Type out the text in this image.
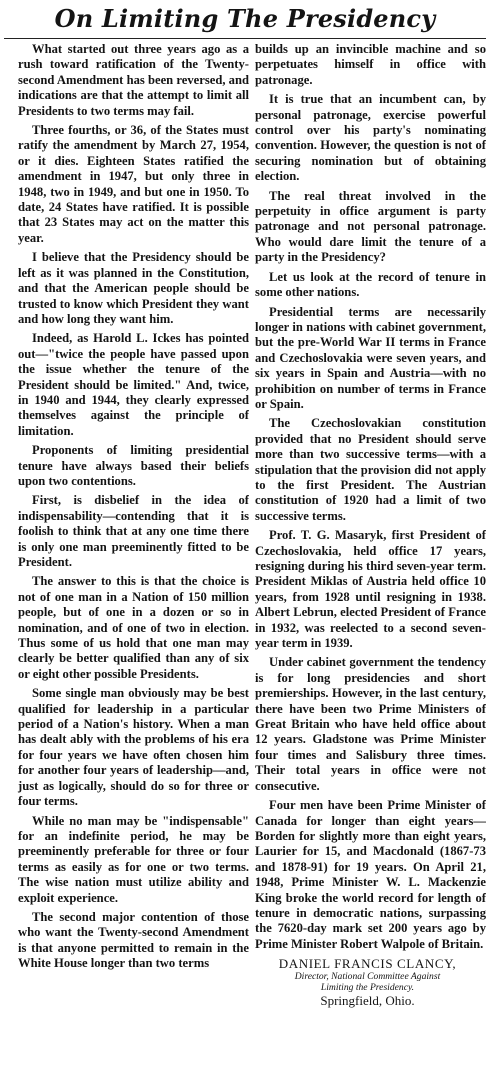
On Limiting The Presidency

What started out three years ago as a rush toward ratification of the Twenty-second Amendment has been reversed, and indications are that the attempt to limit all Presidents to two terms may fail.

Three fourths, or 36, of the States must ratify the amendment by March 27, 1954, or it dies. Eighteen States ratified the amendment in 1947, but only three in 1948, two in 1949, and but one in 1950. To date, 24 States have ratified. It is possible that 23 States may act on the matter this year.

I believe that the Presidency should be left as it was planned in the Constitution, and that the American people should be trusted to know which President they want and how long they want him.

Indeed, as Harold L. Ickes has pointed out—"twice the people have passed upon the issue whether the tenure of the President should be limited." And, twice, in 1940 and 1944, they clearly expressed themselves against the principle of limitation.

Proponents of limiting presidential tenure have always based their beliefs upon two contentions.

First, is disbelief in the idea of indispensability—contending that it is foolish to think that at any one time there is only one man preeminently fitted to be President.

The answer to this is that the choice is not of one man in a Nation of 150 million people, but of one in a dozen or so in nomination, and of one of two in election. Thus some of us hold that one man may clearly be better qualified than any of six or eight other possible Presidents.

Some single man obviously may be best qualified for leadership in a particular period of a Nation's history. When a man has dealt ably with the problems of his era for four years we have often chosen him for another four years of leadership—and, just as logically, should do so for three or four terms.

While no man may be "indispensable" for an indefinite period, he may be preeminently preferable for three or four terms as easily as for one or two terms. The wise nation must utilize ability and exploit experience.

The second major contention of those who want the Twenty-second Amendment is that anyone permitted to remain in the White House longer than two terms

builds up an invincible machine and so perpetuates himself in office with patronage.

It is true that an incumbent can, by personal patronage, exercise powerful control over his party's nominating convention. However, the question is not of securing nomination but of obtaining election.

The real threat involved in the perpetuity in office argument is party patronage and not personal patronage. Who would dare limit the tenure of a party in the Presidency?

Let us look at the record of tenure in some other nations.

Presidential terms are necessarily longer in nations with cabinet government, but the pre-World War II terms in France and Czechoslovakia were seven years, and six years in Spain and Austria—with no prohibition on number of terms in France or Spain.

The Czechoslovakian constitution provided that no President should serve more than two successive terms—with a stipulation that the provision did not apply to the first President. The Austrian constitution of 1920 had a limit of two successive terms.

Prof. T. G. Masaryk, first President of Czechoslovakia, held office 17 years, resigning during his third seven-year term. President Miklas of Austria held office 10 years, from 1928 until resigning in 1938. Albert Lebrun, elected President of France in 1932, was reelected to a second seven-year term in 1939.

Under cabinet government the tendency is for long presidencies and short premierships. However, in the last century, there have been two Prime Ministers of Great Britain who have held office about 12 years. Gladstone was Prime Minister four times and Salisbury three times. Their total years in office were not consecutive.

Four men have been Prime Minister of Canada for longer than eight years—Borden for slightly more than eight years, Laurier for 15, and Macdonald (1867-73 and 1878-91) for 19 years. On April 21, 1948, Prime Minister W. L. Mackenzie King broke the world record for length of tenure in democratic nations, surpassing the 7620-day mark set 200 years ago by Prime Minister Robert Walpole of Britain.

DANIEL FRANCIS CLANCY,
Director, National Committee Against
Limiting the Presidency.
Springfield, Ohio.
